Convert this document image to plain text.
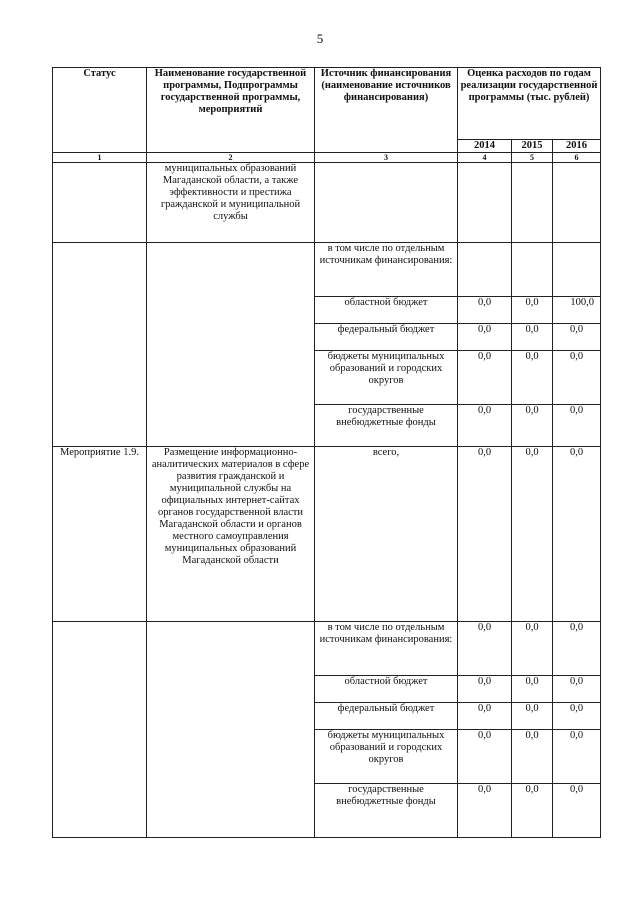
5
Статус	Наименование государственной программы, Подпрограммы государственной программы, мероприятий	Источник финансирования (наименование источников финансирования)	Оценка расходов по годам реализации государственной программы (тыс. рублей)		
			2014	2015	2016
1	2	3	4	5	6
	муниципальных образований Магаданской области, а также эффективности и престижа гражданской и муниципальной службы				
		в том числе по отдельным источникам финансирования:			
		областной бюджет	0,0	0,0	100,0
		федеральный бюджет	0,0	0,0	0,0
		бюджеты муниципальных образований и городских округов	0,0	0,0	0,0
		государственные внебюджетные фонды	0,0	0,0	0,0
Мероприятие 1.9.	Размещение информационно-аналитических материалов в сфере развития гражданской и муниципальной службы на официальных интернет-сайтах органов государственной власти Магаданской области и органов местного самоуправления муниципальных образований Магаданской области	всего,	0,0	0,0	0,0
		в том числе по отдельным источникам финансирования:	0,0	0,0	0,0
		областной бюджет	0,0	0,0	0,0
		федеральный бюджет	0,0	0,0	0,0
		бюджеты муниципальных образований и городских округов	0,0	0,0	0,0
		государственные внебюджетные фонды	0,0	0,0	0,0
